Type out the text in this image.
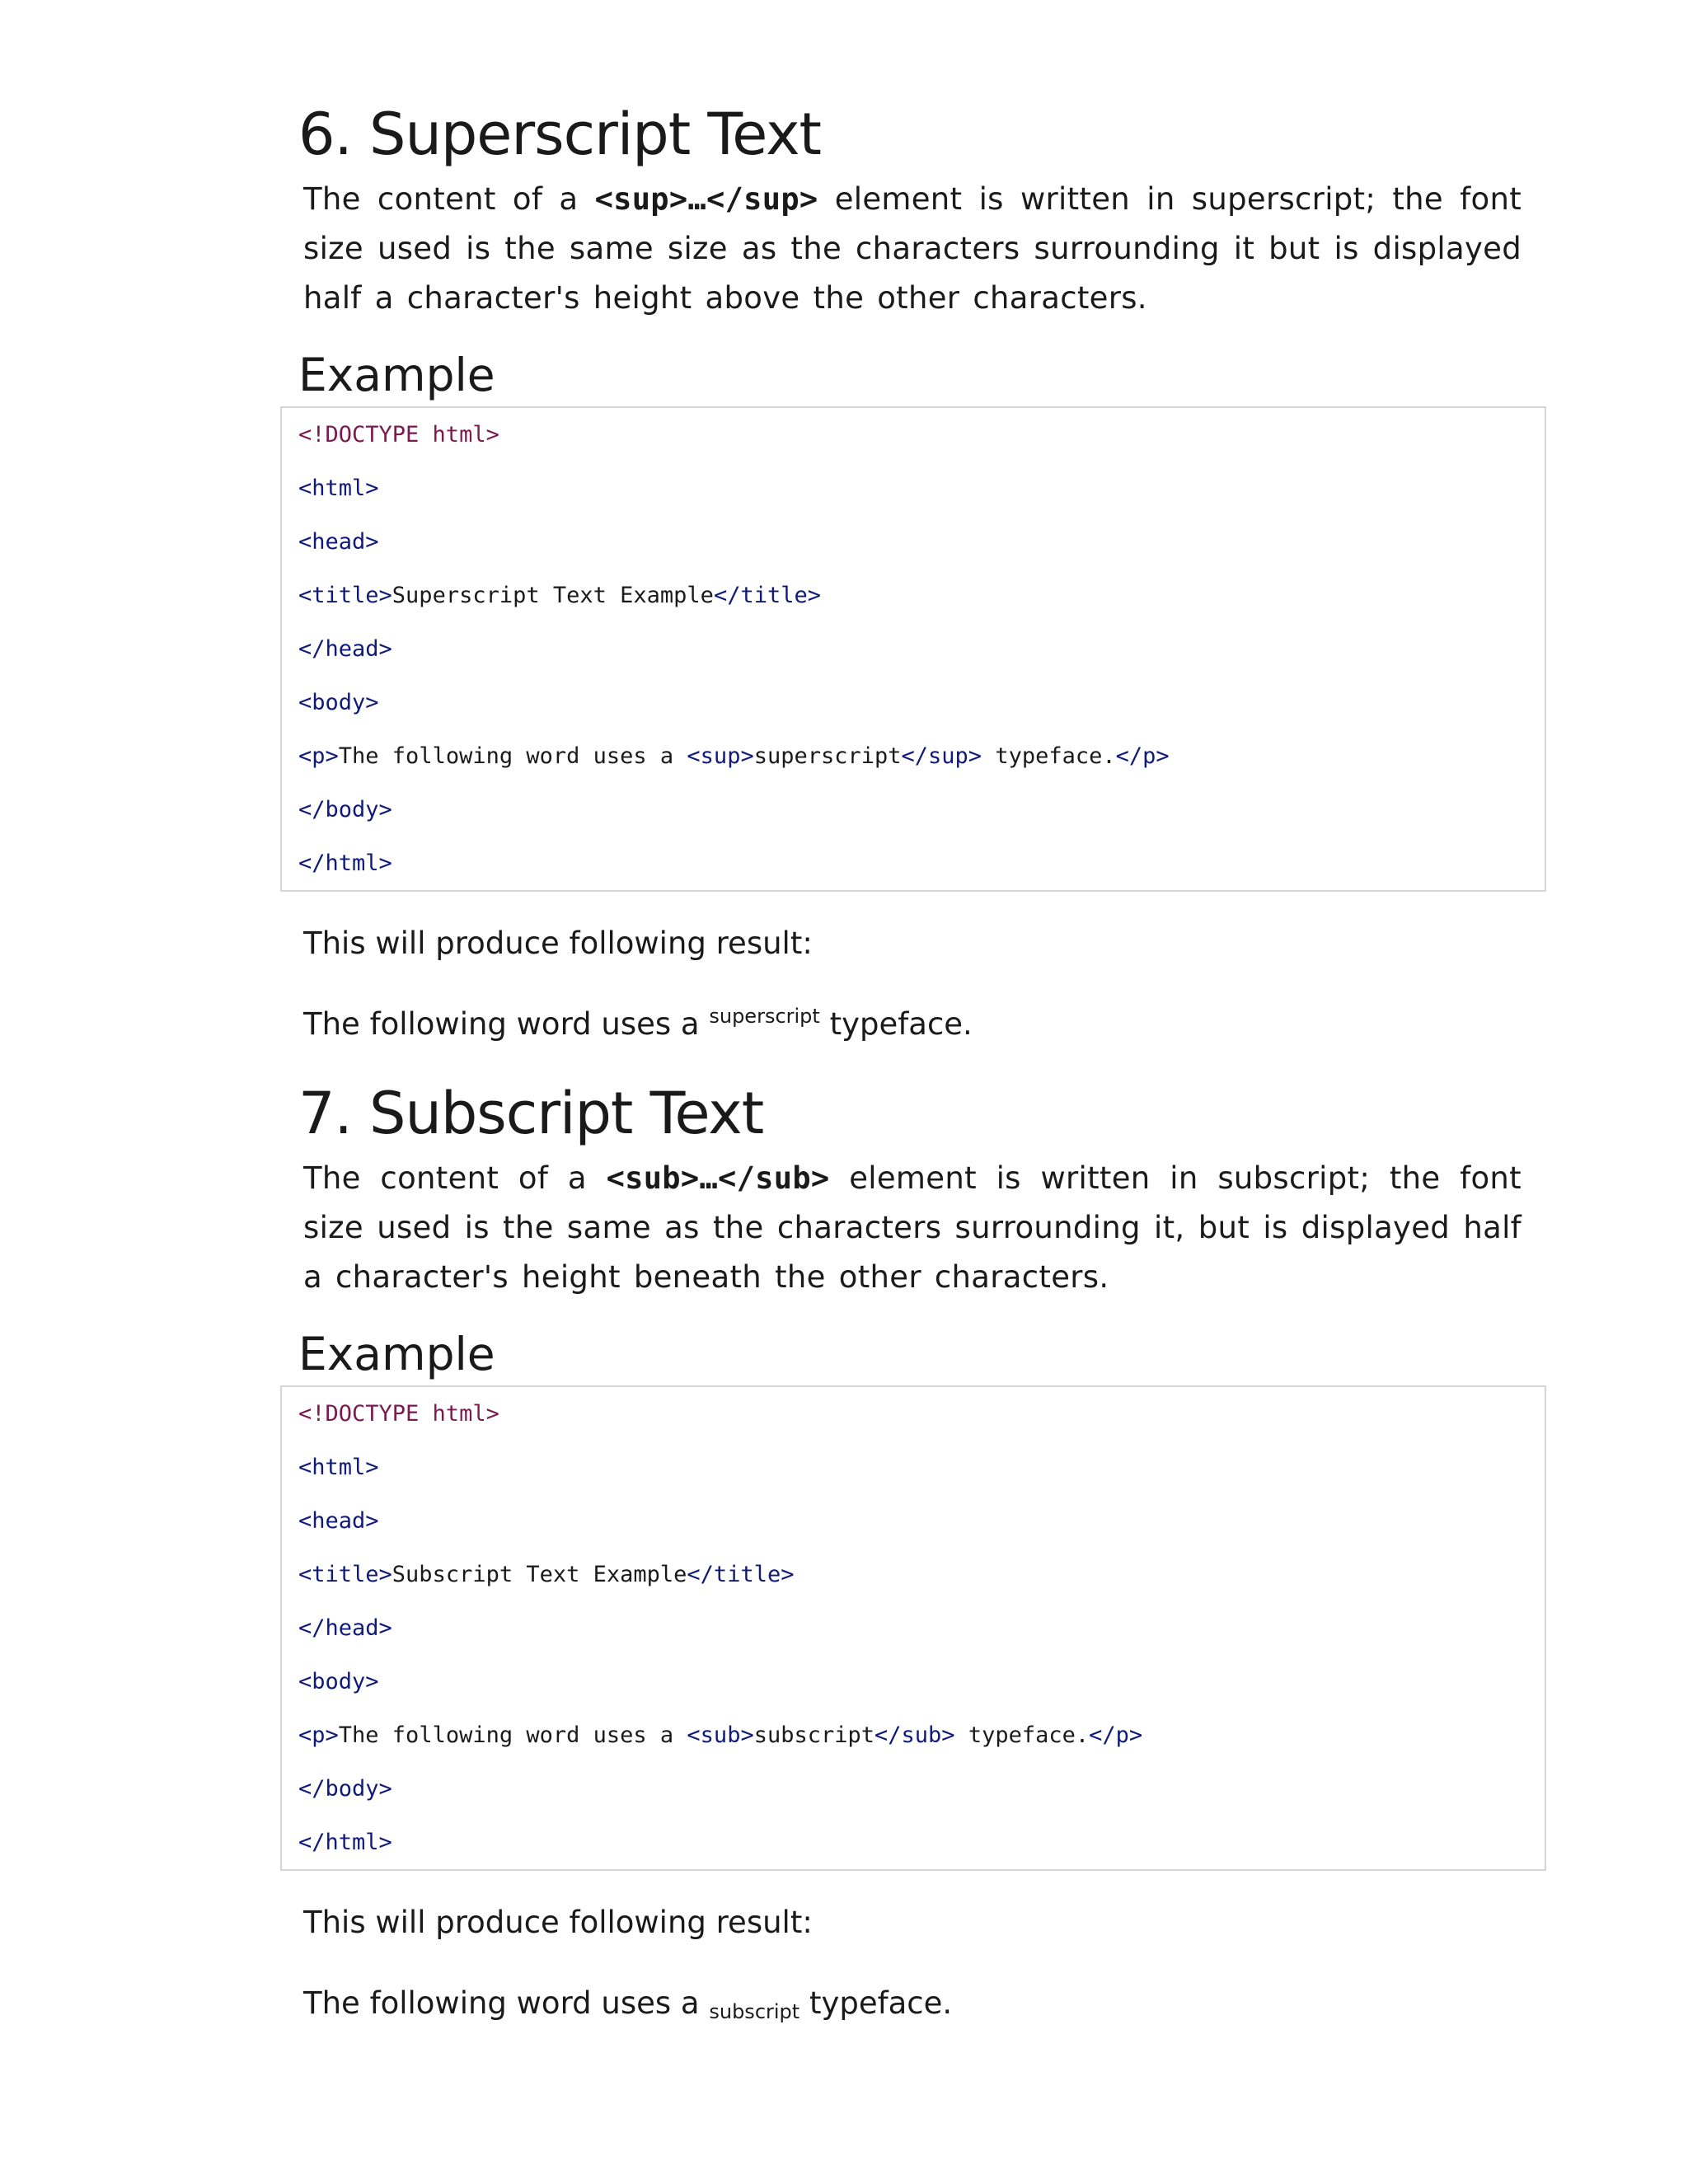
6. Superscript Text

The content of a <sup>…</sup> element is written in superscript; the font size used is the same size as the characters surrounding it but is displayed half a character's height above the other characters.

Example
<!DOCTYPE html>
<html>
<head>
<title>Superscript Text Example</title>
</head>
<body>
<p>The following word uses a <sup>superscript</sup> typeface.</p>
</body>
</html>

This will produce following result:

The following word uses a $^{superscript}$ typeface.

7. Subscript Text

The content of a <sub>…</sub> element is written in subscript; the font size used is the same as the characters surrounding it, but is displayed half a character's height beneath the other characters.

Example
<!DOCTYPE html>
<html>
<head>
<title>Subscript Text Example</title>
</head>
<body>
<p>The following word uses a <sub>subscript</sub> typeface.</p>
</body>
</html>

This will produce following result:

The following word uses a subscript typeface.
